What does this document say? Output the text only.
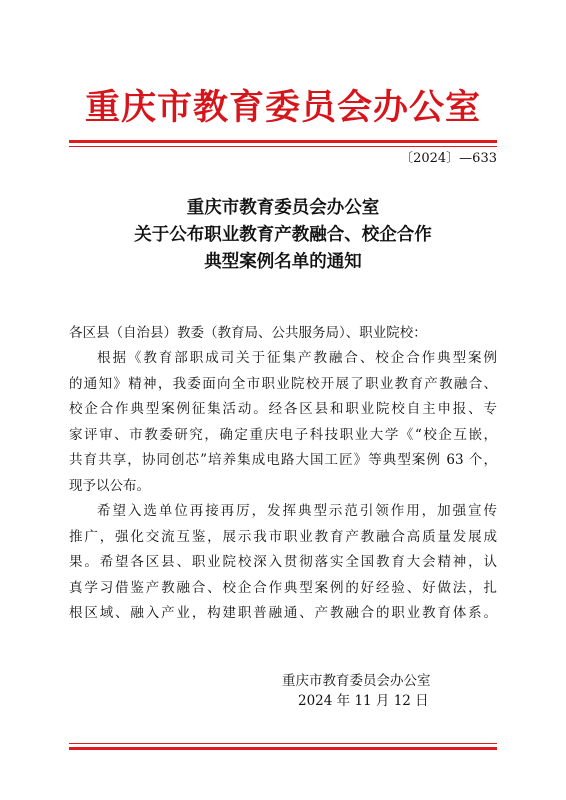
重庆市教育委员会办公室
〔2024〕—633
重庆市教育委员会办公室
关于公布职业教育产教融合、校企合作
典型案例名单的通知
各区县（自治县）教委（教育局、公共服务局）、职业院校：
根据《教育部职成司关于征集产教融合、校企合作典型案例
的通知》精神，我委面向全市职业院校开展了职业教育产教融合、
校企合作典型案例征集活动。经各区县和职业院校自主申报、专
家评审、市教委研究，确定重庆电子科技职业大学《“校企互嵌，
共育共享，协同创芯”培养集成电路大国工匠》等典型案例 63 个，
现予以公布。
希望入选单位再接再厉，发挥典型示范引领作用，加强宣传
推广，强化交流互鉴，展示我市职业教育产教融合高质量发展成
果。希望各区县、职业院校深入贯彻落实全国教育大会精神，认
真学习借鉴产教融合、校企合作典型案例的好经验、好做法，扎
根区域、融入产业，构建职普融通、产教融合的职业教育体系。
重庆市教育委员会办公室
2024 年 11 月 12 日
